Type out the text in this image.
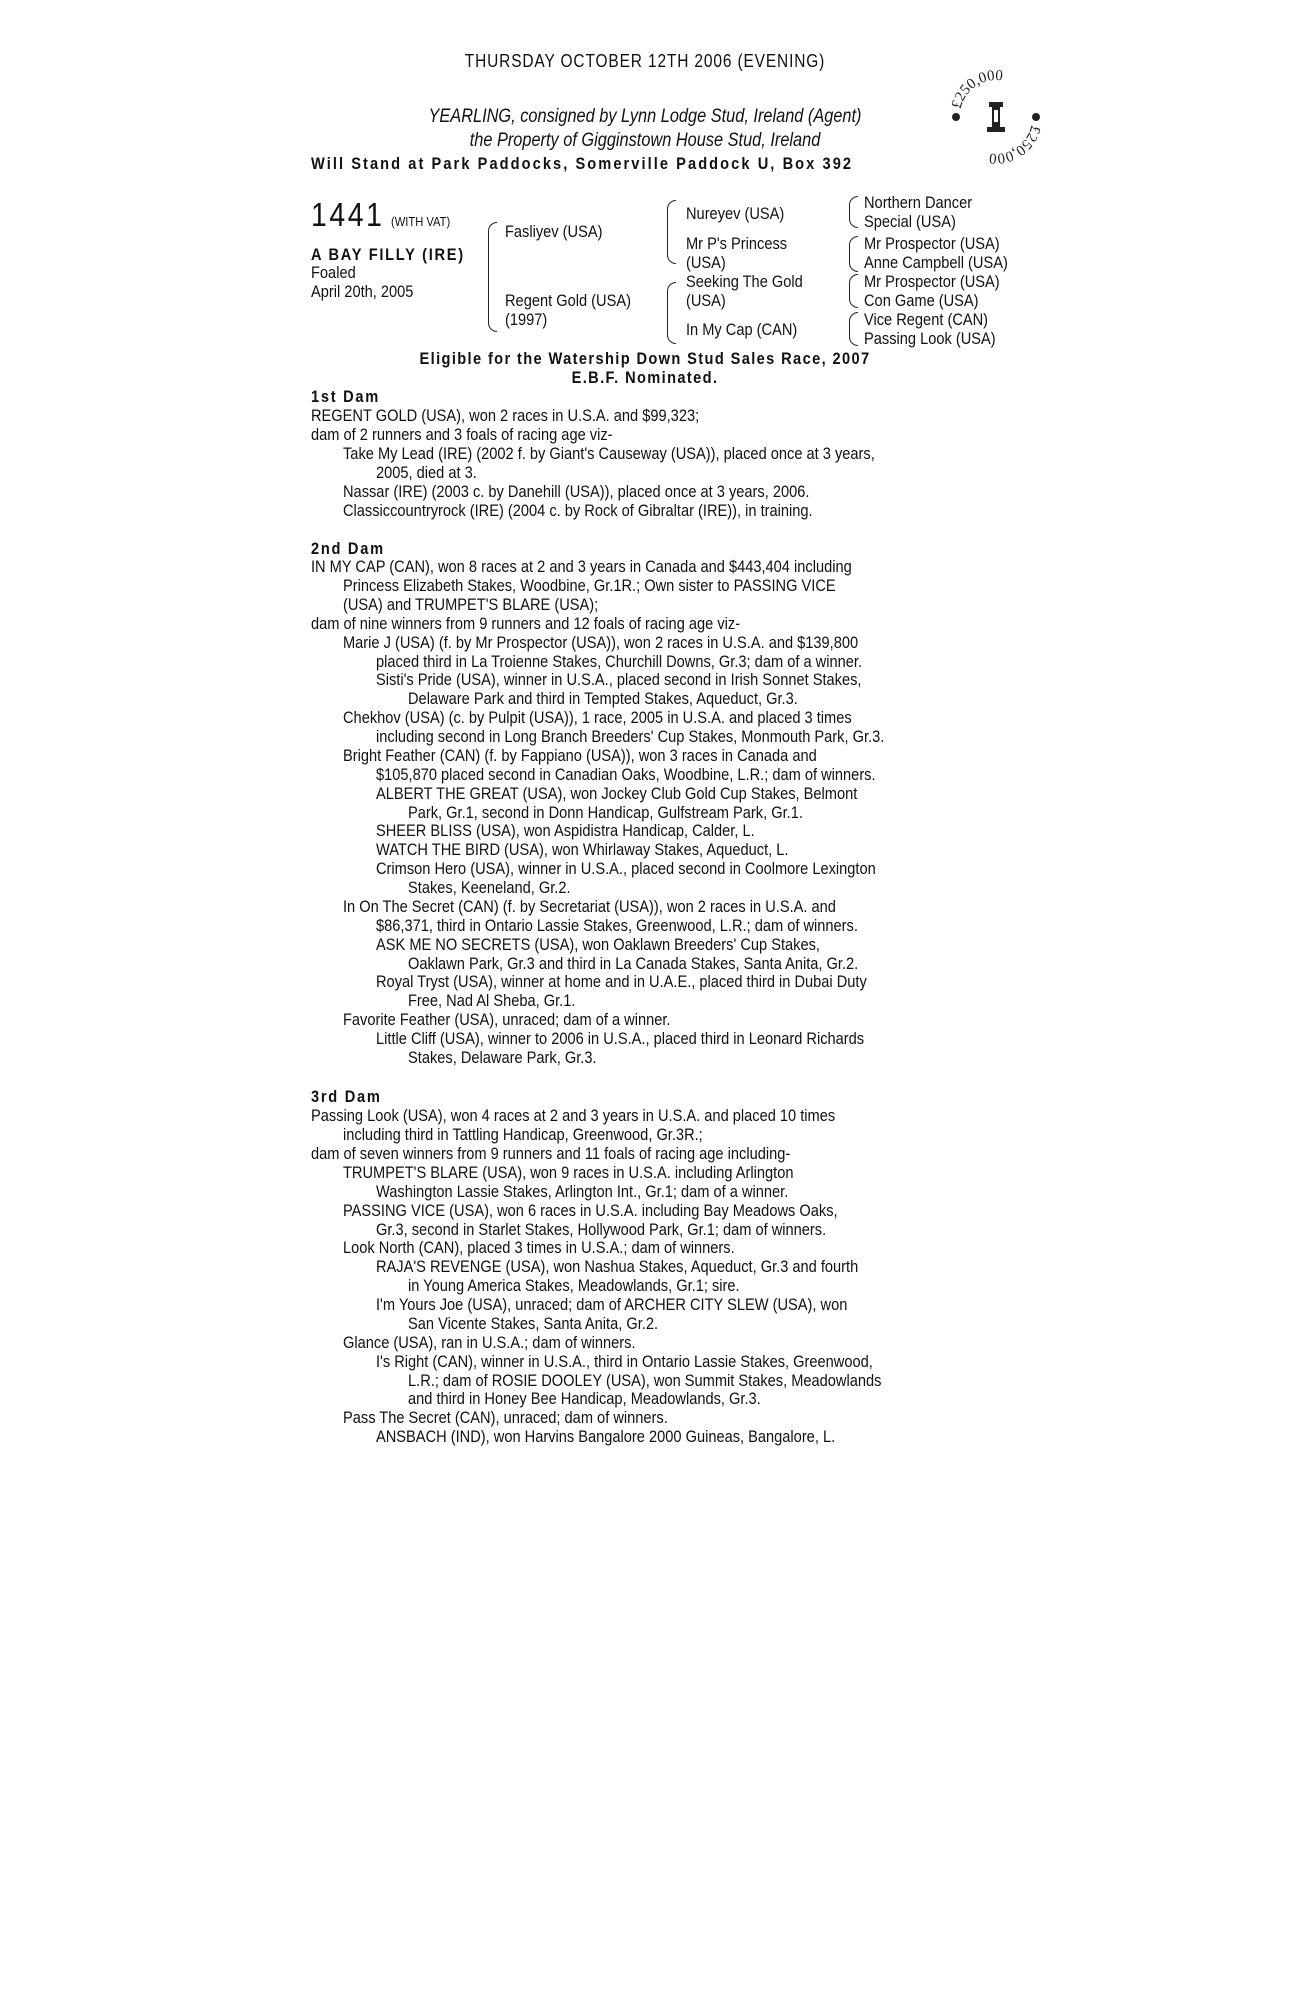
THURSDAY OCTOBER 12TH 2006 (EVENING)
YEARLING, consigned by Lynn Lodge Stud, Ireland (Agent)
the Property of Gigginstown House Stud, Ireland
Will Stand at Park Paddocks, Somerville Paddock U, Box 392
£250,000
£250,000
1441 (WITH VAT)
A BAY FILLY (IRE)
Foaled
April 20th, 2005
Fasliyev (USA)
Regent Gold (USA)
(1997)
Nureyev (USA)
Mr P's Princess
(USA)
Seeking The Gold
(USA)
In My Cap (CAN)
Northern Dancer
Special (USA)
Mr Prospector (USA)
Anne Campbell (USA)
Mr Prospector (USA)
Con Game (USA)
Vice Regent (CAN)
Passing Look (USA)
Eligible for the Watership Down Stud Sales Race, 2007
E.B.F. Nominated.
1st Dam
REGENT GOLD (USA), won 2 races in U.S.A. and $99,323;
dam of 2 runners and 3 foals of racing age viz-
Take My Lead (IRE) (2002 f. by Giant's Causeway (USA)), placed once at 3 years,
2005, died at 3.
Nassar (IRE) (2003 c. by Danehill (USA)), placed once at 3 years, 2006.
Classiccountryrock (IRE) (2004 c. by Rock of Gibraltar (IRE)), in training.
2nd Dam
IN MY CAP (CAN), won 8 races at 2 and 3 years in Canada and $443,404 including
Princess Elizabeth Stakes, Woodbine, Gr.1R.; Own sister to PASSING VICE
(USA) and TRUMPET'S BLARE (USA);
dam of nine winners from 9 runners and 12 foals of racing age viz-
Marie J (USA) (f. by Mr Prospector (USA)), won 2 races in U.S.A. and $139,800
placed third in La Troienne Stakes, Churchill Downs, Gr.3; dam of a winner.
Sisti's Pride (USA), winner in U.S.A., placed second in Irish Sonnet Stakes,
Delaware Park and third in Tempted Stakes, Aqueduct, Gr.3.
Chekhov (USA) (c. by Pulpit (USA)), 1 race, 2005 in U.S.A. and placed 3 times
including second in Long Branch Breeders' Cup Stakes, Monmouth Park, Gr.3.
Bright Feather (CAN) (f. by Fappiano (USA)), won 3 races in Canada and
$105,870 placed second in Canadian Oaks, Woodbine, L.R.; dam of winners.
ALBERT THE GREAT (USA), won Jockey Club Gold Cup Stakes, Belmont
Park, Gr.1, second in Donn Handicap, Gulfstream Park, Gr.1.
SHEER BLISS (USA), won Aspidistra Handicap, Calder, L.
WATCH THE BIRD (USA), won Whirlaway Stakes, Aqueduct, L.
Crimson Hero (USA), winner in U.S.A., placed second in Coolmore Lexington
Stakes, Keeneland, Gr.2.
In On The Secret (CAN) (f. by Secretariat (USA)), won 2 races in U.S.A. and
$86,371, third in Ontario Lassie Stakes, Greenwood, L.R.; dam of winners.
ASK ME NO SECRETS (USA), won Oaklawn Breeders' Cup Stakes,
Oaklawn Park, Gr.3 and third in La Canada Stakes, Santa Anita, Gr.2.
Royal Tryst (USA), winner at home and in U.A.E., placed third in Dubai Duty
Free, Nad Al Sheba, Gr.1.
Favorite Feather (USA), unraced; dam of a winner.
Little Cliff (USA), winner to 2006 in U.S.A., placed third in Leonard Richards
Stakes, Delaware Park, Gr.3.
3rd Dam
Passing Look (USA), won 4 races at 2 and 3 years in U.S.A. and placed 10 times
including third in Tattling Handicap, Greenwood, Gr.3R.;
dam of seven winners from 9 runners and 11 foals of racing age including-
TRUMPET'S BLARE (USA), won 9 races in U.S.A. including Arlington
Washington Lassie Stakes, Arlington Int., Gr.1; dam of a winner.
PASSING VICE (USA), won 6 races in U.S.A. including Bay Meadows Oaks,
Gr.3, second in Starlet Stakes, Hollywood Park, Gr.1; dam of winners.
Look North (CAN), placed 3 times in U.S.A.; dam of winners.
RAJA'S REVENGE (USA), won Nashua Stakes, Aqueduct, Gr.3 and fourth
in Young America Stakes, Meadowlands, Gr.1; sire.
I'm Yours Joe (USA), unraced; dam of ARCHER CITY SLEW (USA), won
San Vicente Stakes, Santa Anita, Gr.2.
Glance (USA), ran in U.S.A.; dam of winners.
I's Right (CAN), winner in U.S.A., third in Ontario Lassie Stakes, Greenwood,
L.R.; dam of ROSIE DOOLEY (USA), won Summit Stakes, Meadowlands
and third in Honey Bee Handicap, Meadowlands, Gr.3.
Pass The Secret (CAN), unraced; dam of winners.
ANSBACH (IND), won Harvins Bangalore 2000 Guineas, Bangalore, L.
